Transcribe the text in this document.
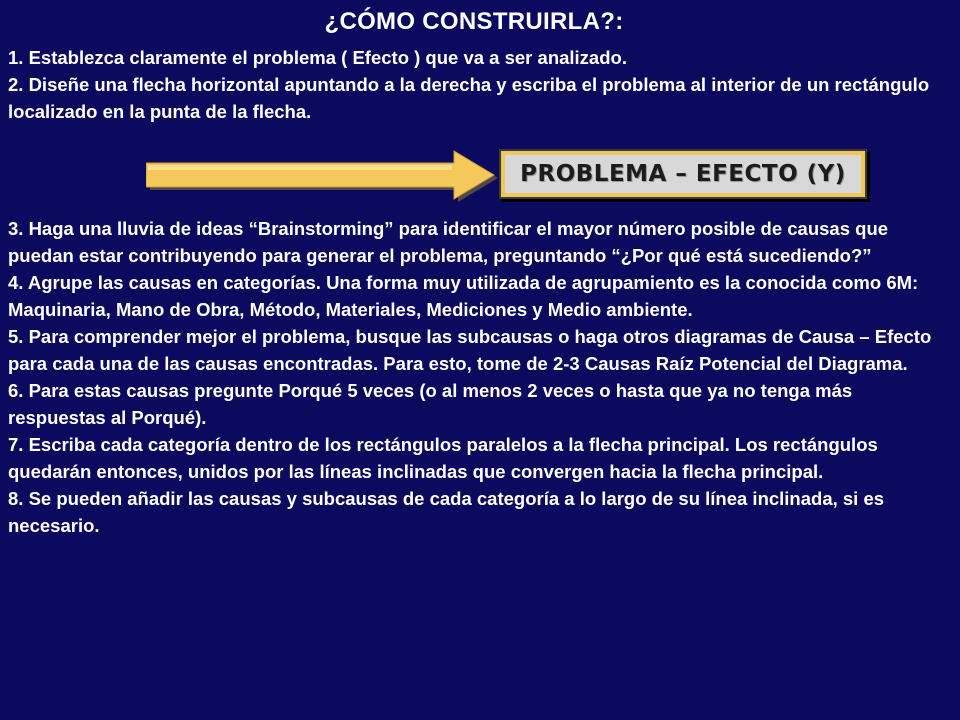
¿CÓMO CONSTRUIRLA?:

1. Establezca claramente el problema ( Efecto ) que va a ser analizado.

2. Diseñe una flecha horizontal apuntando a la derecha y escriba el problema al interior de un rectángulo localizado en la punta de la flecha.

PROBLEMA – EFECTO (Y)

3. Haga una lluvia de ideas “Brainstorming” para identificar el mayor número posible de causas que puedan estar contribuyendo para generar el problema, preguntando “¿Por qué está sucediendo?”

4. Agrupe las causas en categorías. Una forma muy utilizada de agrupamiento es la conocida como 6M: Maquinaria, Mano de Obra, Método, Materiales, Mediciones y Medio ambiente.

5. Para comprender mejor el problema, busque las subcausas o haga otros diagramas de Causa – Efecto para cada una de las causas encontradas. Para esto, tome de 2-3 Causas Raíz Potencial del Diagrama.

6. Para estas causas pregunte Porqué 5 veces (o al menos 2 veces o hasta que ya no tenga más respuestas al Porqué).

7. Escriba cada categoría dentro de los rectángulos paralelos a la flecha principal. Los rectángulos quedarán entonces, unidos por las líneas inclinadas que convergen hacia la flecha principal.

8. Se pueden añadir las causas y subcausas de cada categoría a lo largo de su línea inclinada, si es necesario.
